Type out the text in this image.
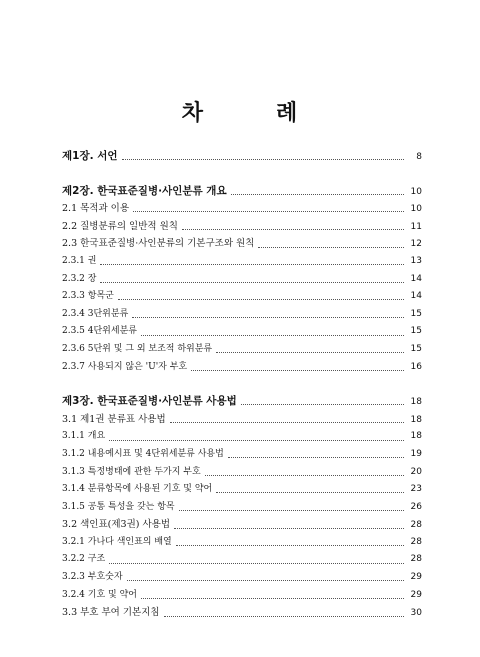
차	례
제1장. 서언	8
제2장. 한국표준질병·사인분류 개요	10
2.1 목적과 이용	10
2.2 질병분류의 일반적 원칙	11
2.3 한국표준질병·사인분류의 기본구조와 원칙	12
2.3.1 권	13
2.3.2 장	14
2.3.3 항목군	14
2.3.4 3단위분류	15
2.3.5 4단위세분류	15
2.3.6 5단위 및 그 외 보조적 하위분류	15
2.3.7 사용되지 않은 'U'자 부호	16
제3장. 한국표준질병·사인분류 사용법	18
3.1 제1권 분류표 사용법	18
3.1.1 개요	18
3.1.2 내용예시표 및 4단위세분류 사용법	19
3.1.3 특정병태에 관한 두가지 부호	20
3.1.4 분류항목에 사용된 기호 및 약어	23
3.1.5 공통 특성을 갖는 항목	26
3.2 색인표(제3권) 사용법	28
3.2.1 가나다 색인표의 배열	28
3.2.2 구조	28
3.2.3 부호숫자	29
3.2.4 기호 및 약어	29
3.3 부호 부여 기본지침	30
